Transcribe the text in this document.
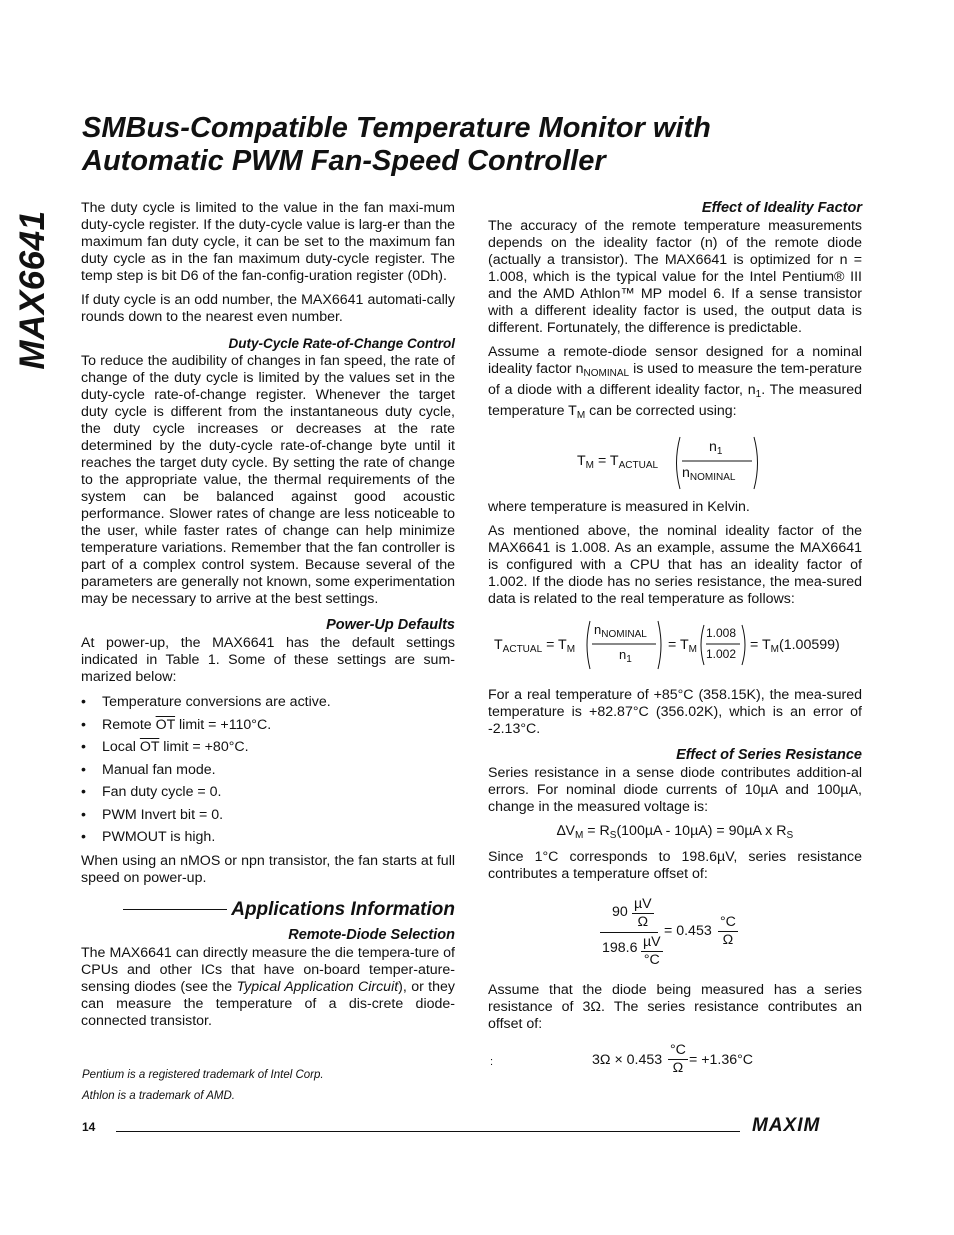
MAX6641
SMBus-Compatible Temperature Monitor with
Automatic PWM Fan-Speed Controller

The duty cycle is limited to the value in the fan maxi-mum duty-cycle register. If the duty-cycle value is larg-er than the maximum fan duty cycle, it can be set to the maximum fan duty cycle as in the fan maximum duty-cycle register. The temp step is bit D6 of the fan-config-uration register (0Dh).

If duty cycle is an odd number, the MAX6641 automati-cally rounds down to the nearest even number.

Duty-Cycle Rate-of-Change Control

To reduce the audibility of changes in fan speed, the rate of change of the duty cycle is limited by the values set in the duty-cycle rate-of-change register. Whenever the target duty cycle is different from the instantaneous duty cycle, the duty cycle increases or decreases at the rate determined by the duty-cycle rate-of-change byte until it reaches the target duty cycle. By setting the rate of change to the appropriate value, the thermal requirements of the system can be balanced against good acoustic performance. Slower rates of change are less noticeable to the user, while faster rates of change can help minimize temperature variations. Remember that the fan controller is part of a complex control system. Because several of the parameters are generally not known, some experimentation may be necessary to arrive at the best settings.

Power-Up Defaults

At power-up, the MAX6641 has the default settings indicated in Table 1. Some of these settings are sum-marized below:

• Temperature conversions are active.
• Remote $\overline{OT}$ limit = +110°C.
• Local $\overline{OT}$ limit = +80°C.
• Manual fan mode.
• Fan duty cycle = 0.
• PWM Invert bit = 0.
• PWMOUT is high.

When using an nMOS or npn transistor, the fan starts at full speed on power-up.

Applications Information
Remote-Diode Selection

The MAX6641 can directly measure the die tempera-ture of CPUs and other ICs that have on-board temper-ature-sensing diodes (see the Typical Application Circuit), or they can measure the temperature of a dis-crete diode-connected transistor.

Effect of Ideality Factor

The accuracy of the remote temperature measurements depends on the ideality factor (n) of the remote diode (actually a transistor). The MAX6641 is optimized for n = 1.008, which is the typical value for the Intel Pentium® III and the AMD Athlon™ MP model 6. If a sense transistor with a different ideality factor is used, the output data is different. Fortunately, the difference is predictable.

Assume a remote-diode sensor designed for a nominal ideality factor $n_{NOMINAL}$ is used to measure the tem-perature of a diode with a different ideality factor, $n_1$. The measured temperature $T_M$ can be corrected using:

$T_M = T_{ACTUAL}$
$n_1$
$n_{NOMINAL}$

where temperature is measured in Kelvin.

As mentioned above, the nominal ideality factor of the MAX6641 is 1.008. As an example, assume the MAX6641 is configured with a CPU that has an ideality factor of 1.002. If the diode has no series resistance, the mea-sured data is related to the real temperature as follows:

$T_{ACTUAL} = T_M$
$n_{NOMINAL}$
$n_1$
= $T_M$
1.008
1.002
= $T_M(1.00599)$

For a real temperature of +85°C (358.15K), the mea-sured temperature is +82.87°C (356.02K), which is an error of -2.13°C.

Effect of Series Resistance

Series resistance in a sense diode contributes addition-al errors. For nominal diode currents of 10µA and 100µA, change in the measured voltage is:

$\Delta V_M = R_S(100\mu A - 10\mu A) = 90\mu A$ x $R_S$

Since 1°C corresponds to 198.6µV, series resistance contributes a temperature offset of:

$90 \frac{\text{µV}}{\Omega}$
$198.6 \frac{\text{µV}}{^\circ C}$
= $0.453 \frac{^\circ C}{\Omega}$

Assume that the diode being measured has a series resistance of 3Ω. The series resistance contributes an offset of:

:	$3\Omega \times 0.453 \frac{^\circ C}{\Omega} = +1.36^\circ C$
Pentium is a registered trademark of Intel Corp.
Athlon is a trademark of AMD.
14	MAXIM
